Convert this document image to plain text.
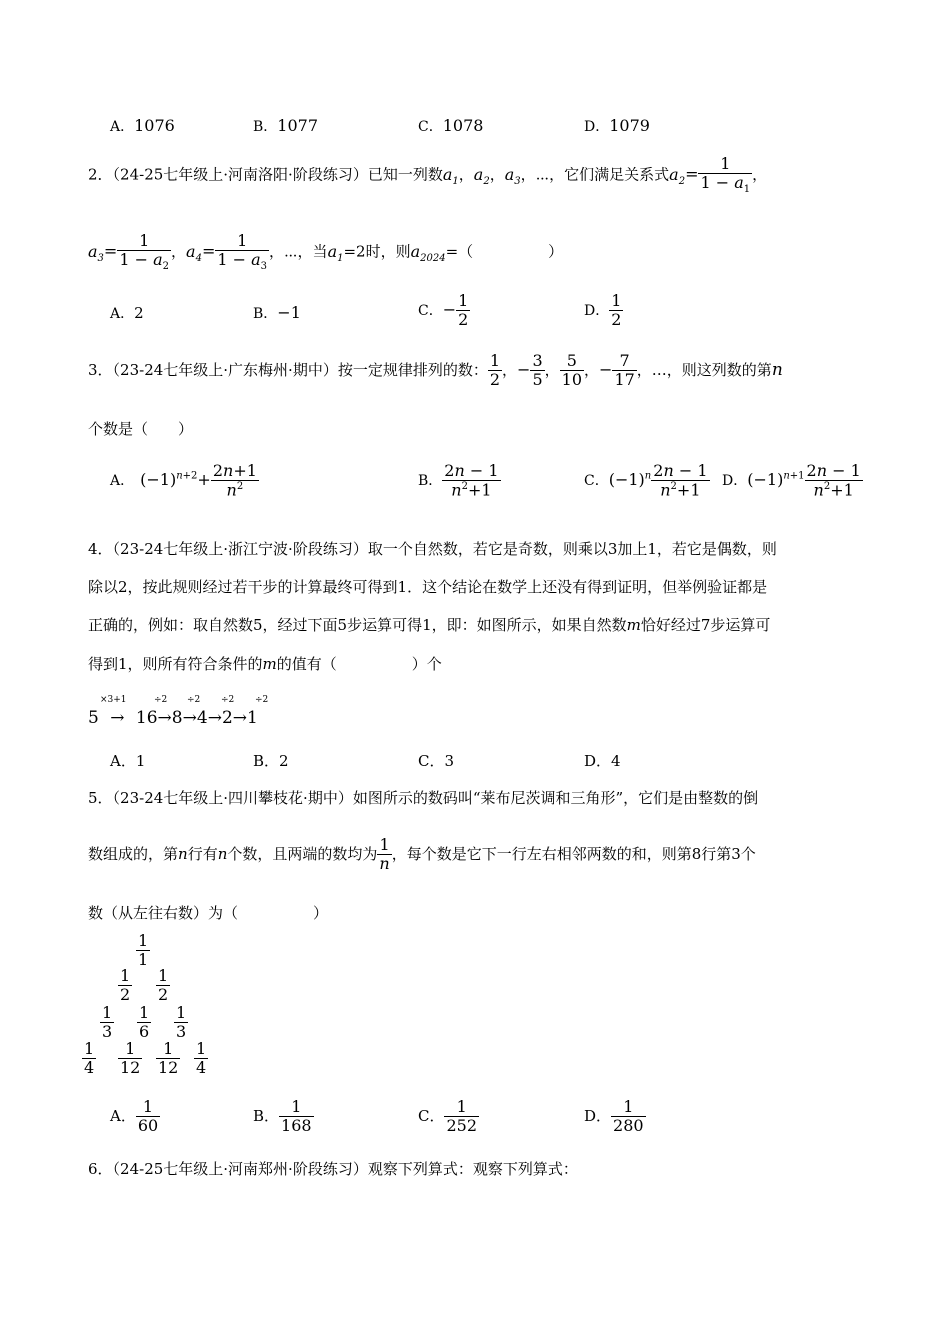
A．1076	B．1077	C．1078	D．1079
2．（24-25七年级上·河南洛阳·阶段练习）已知一列数$a_1$，$a_2$，$a_3$，⋯，它们满足关系式$a_2= \frac{1}{1 - a_1}$ ，
$a_3= \frac{1}{1 - a_2}$ ，$a_4= \frac{1}{1 - a_3}$ ，⋯，当$a_1=2$时，则$a_{2024}=$（　　　　　）
A．2	B．−1	C．− $\frac{1}{2}$	D． $\frac{1}{2}$
3．（23-24七年级上·广东梅州·期中）按一定规律排列的数： $\frac{1}{2}$ ，− $\frac{3}{5}$ ， $\frac{5}{10}$ ，− $\frac{7}{17}$ ，…，则这列数的第n
个数是（　　）
A． $(-1)^{n+2}+ \frac{2n+1}{n^2}$	B． $\frac{2n - 1}{n^2+1}$	C．$(-1)^n \frac{2n - 1}{n^2+1}$ D．$(-1)^{n+1} \frac{2n - 1}{n^2+1}$
4．（23-24七年级上·浙江宁波·阶段练习）取一个自然数，若它是奇数，则乘以3加上1，若它是偶数，则
除以2，按此规则经过若干步的计算最终可得到1．这个结论在数学上还没有得到证明，但举例验证都是
正确的，例如：取自然数5，经过下面5步运算可得1，即：如图所示，如果自然数m恰好经过7步运算可
得到1，则所有符合条件的m的值有（　　　　　）个
×3+1	÷2 ÷2 ÷2 ÷2
5 → 16→8→4→2→1
A．1	B．2	C．3	D．4
5．（23-24七年级上·四川攀枝花·期中）如图所示的数码叫“莱布尼茨调和三角形”，它们是由整数的倒
数组成的，第n行有n个数，且两端的数均为 $\frac{1}{n}$ ，每个数是它下一行左右相邻两数的和，则第8行第3个
数（从左往右数）为（　　　　　）
$\frac{1}{1}$
$\frac{1}{2} \frac{1}{2}$
$\frac{1}{3} \frac{1}{6} \frac{1}{3}$
$\frac{1}{4} \frac{1}{12} \frac{1}{12} \frac{1}{4}$
A． $\frac{1}{60}$	B． $\frac{1}{168}$	C． $\frac{1}{252}$	D． $\frac{1}{280}$
6．（24-25七年级上·河南郑州·阶段练习）观察下列算式：观察下列算式：
